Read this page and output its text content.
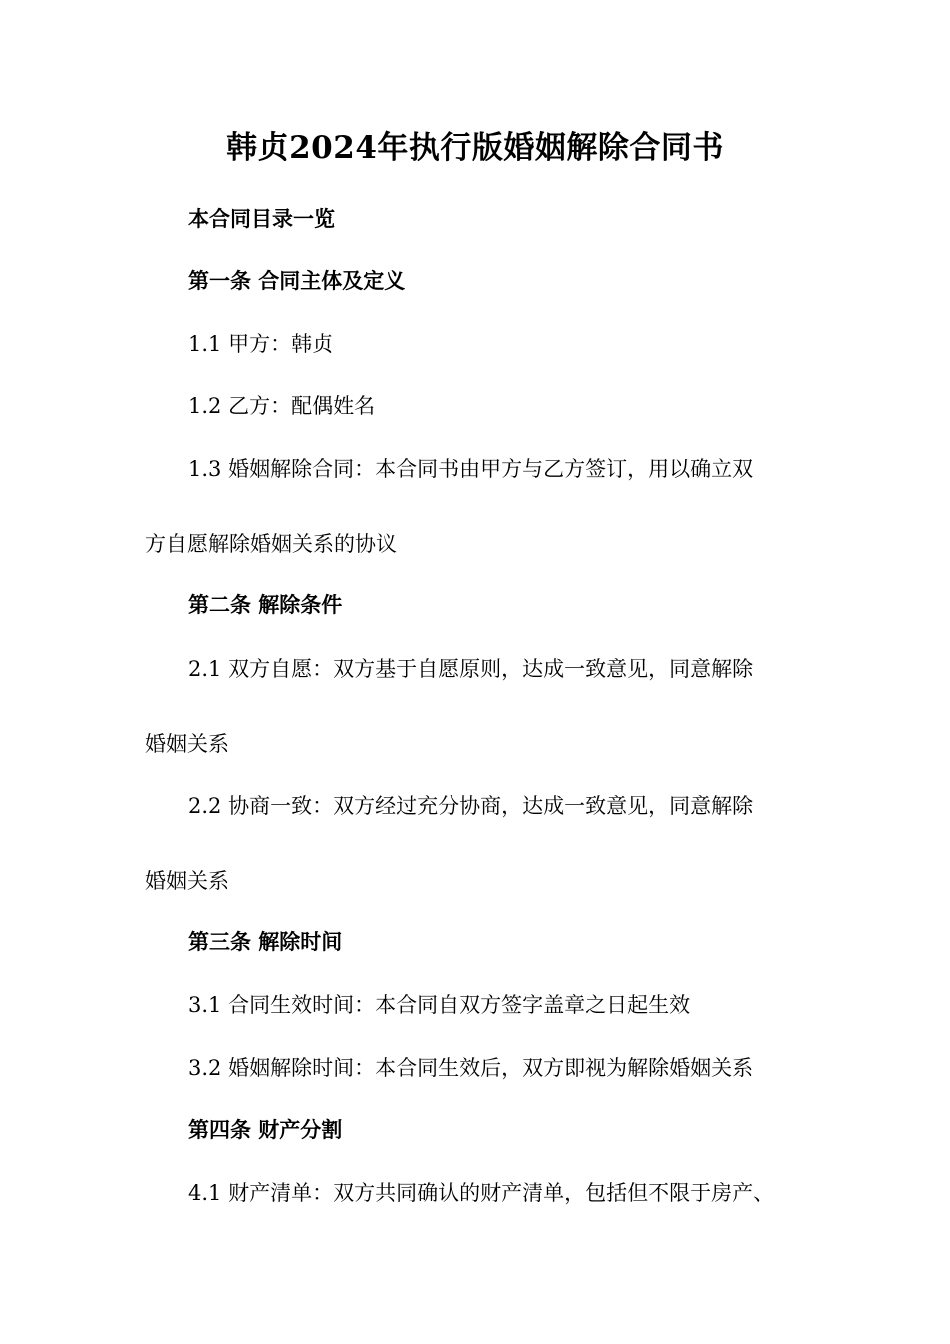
韩贞2024年执行版婚姻解除合同书

本合同目录一览

第一条 合同主体及定义

1.1 甲方：韩贞

1.2 乙方：配偶姓名

1.3 婚姻解除合同：本合同书由甲方与乙方签订，用以确立双

方自愿解除婚姻关系的协议

第二条 解除条件

2.1 双方自愿：双方基于自愿原则，达成一致意见，同意解除

婚姻关系

2.2 协商一致：双方经过充分协商，达成一致意见，同意解除

婚姻关系

第三条 解除时间

3.1 合同生效时间：本合同自双方签字盖章之日起生效

3.2 婚姻解除时间：本合同生效后，双方即视为解除婚姻关系

第四条 财产分割

4.1 财产清单：双方共同确认的财产清单，包括但不限于房产、
